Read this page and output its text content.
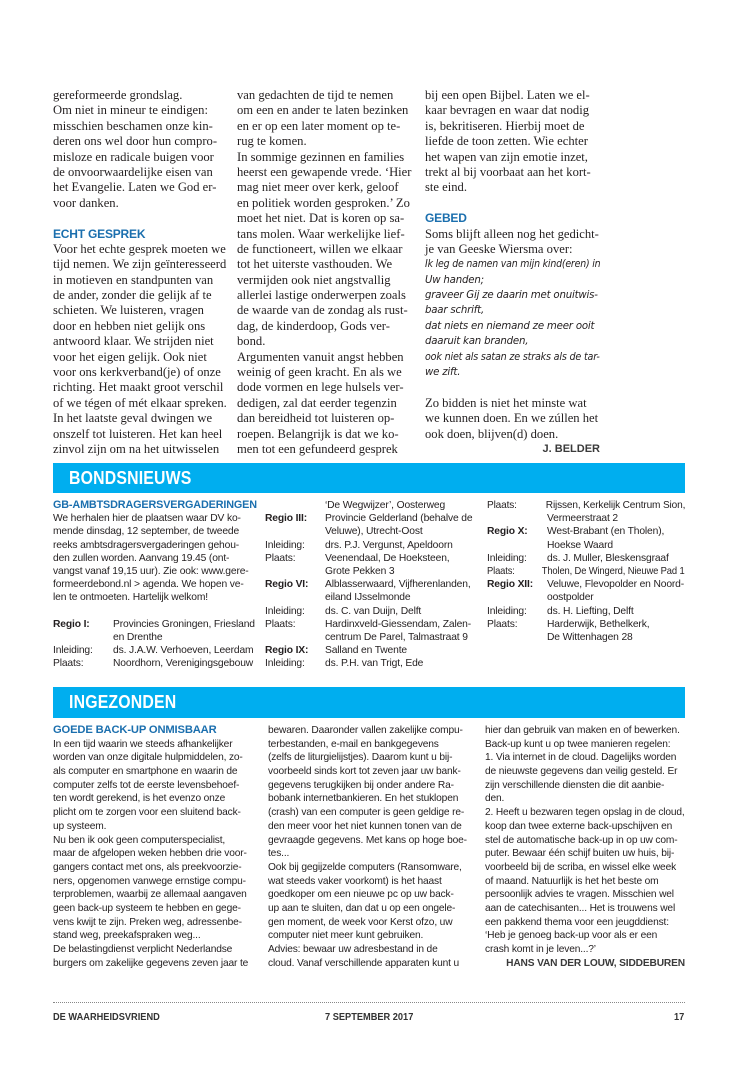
gereformeerde grondslag.
Om niet in mineur te eindigen:
misschien beschamen onze kin-
deren ons wel door hun compro-
misloze en radicale buigen voor
de onvoorwaardelijke eisen van
het Evangelie. Laten we God er-
voor danken.

ECHT GESPREK
Voor het echte gesprek moeten we
tijd nemen. We zijn geïnteresseerd
in motieven en standpunten van
de ander, zonder die gelijk af te
schieten. We luisteren, vragen
door en hebben niet gelijk ons
antwoord klaar. We strijden niet
voor het eigen gelijk. Ook niet
voor ons kerkverband(je) of onze
richting. Het maakt groot verschil
of we tégen of mét elkaar spreken.
In het laatste geval dwingen we
onszelf tot luisteren. Het kan heel
zinvol zijn om na het uitwisselen
van gedachten de tijd te nemen
om een en ander te laten bezinken
en er op een later moment op te-
rug te komen.
In sommige gezinnen en families
heerst een gewapende vrede. ‘Hier
mag niet meer over kerk, geloof
en politiek worden gesproken.’ Zo
moet het niet. Dat is koren op sa-
tans molen. Waar werkelijke lief-
de functioneert, willen we elkaar
tot het uiterste vasthouden. We
vermijden ook niet angstvallig
allerlei lastige onderwerpen zoals
de waarde van de zondag als rust-
dag, de kinderdoop, Gods ver-
bond.
Argumenten vanuit angst hebben
weinig of geen kracht. En als we
dode vormen en lege hulsels ver-
dedigen, zal dat eerder tegenzin
dan bereidheid tot luisteren op-
roepen. Belangrijk is dat we ko-
men tot een gefundeerd gesprek
bij een open Bijbel. Laten we el-
kaar bevragen en waar dat nodig
is, bekritiseren. Hierbij moet de
liefde de toon zetten. Wie echter
het wapen van zijn emotie inzet,
trekt al bij voorbaat aan het kort-
ste eind.

GEBED
Soms blijft alleen nog het gedicht-
je van Geeske Wiersma over:
Ik leg de namen van mijn kind(eren) in
Uw handen;
graveer Gij ze daarin met onuitwis-
baar schrift,
dat niets en niemand ze meer ooit
daaruit kan branden,
ook niet als satan ze straks als de tar-
we zift.

Zo bidden is niet het minste wat
we kunnen doen. En we zúllen het
ook doen, blijven(d) doen.
J. BELDER
BONDSNIEUWS
GB-AMBTSDRAGERSVERGADERINGEN
We herhalen hier de plaatsen waar DV ko-
mende dinsdag, 12 september, de tweede
reeks ambtsdragersvergaderingen gehou-
den zullen worden. Aanvang 19.45 (ont-
vangst vanaf 19,15 uur). Zie ook: www.gere-
formeerdebond.nl > agenda. We hopen ve-
len te ontmoeten. Hartelijk welkom!

Regio I: Provincies Groningen, Friesland
en Drenthe
Inleiding: ds. J.A.W. Verhoeven, Leerdam
Plaats:	Noordhorn, Verenigingsgebouw
‘De Wegwijzer’, Oosterweg
Regio III: Provincie Gelderland (behalve de
Veluwe), Utrecht-Oost
Inleiding: drs. P.J. Vergunst, Apeldoorn
Plaats:	Veenendaal, De Hoeksteen,
Grote Pekken 3
Regio VI: Alblasserwaard, Vijfherenlanden,
eiland IJsselmonde
Inleiding: ds. C. van Duijn, Delft
Plaats:	Hardinxveld-Giessendam, Zalen-
centrum De Parel, Talmastraat 9
Regio IX: Salland en Twente
Inleiding: ds. P.H. van Trigt, Ede
Plaats:	Rijssen, Kerkelijk Centrum Sion,
Vermeerstraat 2
Regio X: West-Brabant (en Tholen),
Hoekse Waard
Inleiding: ds. J. Muller, Bleskensgraaf
Plaats:	Tholen, De Wingerd, Nieuwe Pad 1
Regio XII: Veluwe, Flevopolder en Noord-
oostpolder
Inleiding: ds. H. Liefting, Delft
Plaats:	Harderwijk, Bethelkerk,
De Wittenhagen 28
INGEZONDEN
GOEDE BACK-UP ONMISBAAR
In een tijd waarin we steeds afhankelijker
worden van onze digitale hulpmiddelen, zo-
als computer en smartphone en waarin de
computer zelfs tot de eerste levensbehoef-
ten wordt gerekend, is het evenzo onze
plicht om te zorgen voor een sluitend back-
up systeem.
Nu ben ik ook geen computerspecialist,
maar de afgelopen weken hebben drie voor-
gangers contact met ons, als preekvoorzie-
ners, opgenomen vanwege ernstige compu-
terproblemen, waarbij ze allemaal aangaven
geen back-up systeem te hebben en gege-
vens kwijt te zijn. Preken weg, adressenbe-
stand weg, preekafspraken weg...
De belastingdienst verplicht Nederlandse
burgers om zakelijke gegevens zeven jaar te
bewaren. Daaronder vallen zakelijke compu-
terbestanden, e-mail en bankgegevens
(zelfs de liturgielijstjes). Daarom kunt u bij-
voorbeeld sinds kort tot zeven jaar uw bank-
gegevens terugkijken bij onder andere Ra-
bobank internetbankieren. En het stuklopen
(crash) van een computer is geen geldige re-
den meer voor het niet kunnen tonen van de
gevraagde gegevens. Met kans op hoge boe-
tes...
Ook bij gegijzelde computers (Ransomware,
wat steeds vaker voorkomt) is het haast
goedkoper om een nieuwe pc op uw back-
up aan te sluiten, dan dat u op een ongele-
gen moment, de week voor Kerst ofzo, uw
computer niet meer kunt gebruiken.
Advies: bewaar uw adresbestand in de
cloud. Vanaf verschillende apparaten kunt u
hier dan gebruik van maken en of bewerken.
Back-up kunt u op twee manieren regelen:
1. Via internet in de cloud. Dagelijks worden
de nieuwste gegevens dan veilig gesteld. Er
zijn verschillende diensten die dit aanbie-
den.
2. Heeft u bezwaren tegen opslag in de cloud,
koop dan twee externe back-upschijven en
stel de automatische back-up in op uw com-
puter. Bewaar één schijf buiten uw huis, bij-
voorbeeld bij de scriba, en wissel elke week
of maand. Natuurlijk is het het beste om
persoonlijk advies te vragen. Misschien wel
aan de catechisanten... Het is trouwens wel
een pakkend thema voor een jeugddienst:
‘Heb je genoeg back-up voor als er een
crash komt in je leven...?’
HANS VAN DER LOUW, SIDDEBUREN
DE WAARHEIDSVRIEND	7 SEPTEMBER 2017	17
